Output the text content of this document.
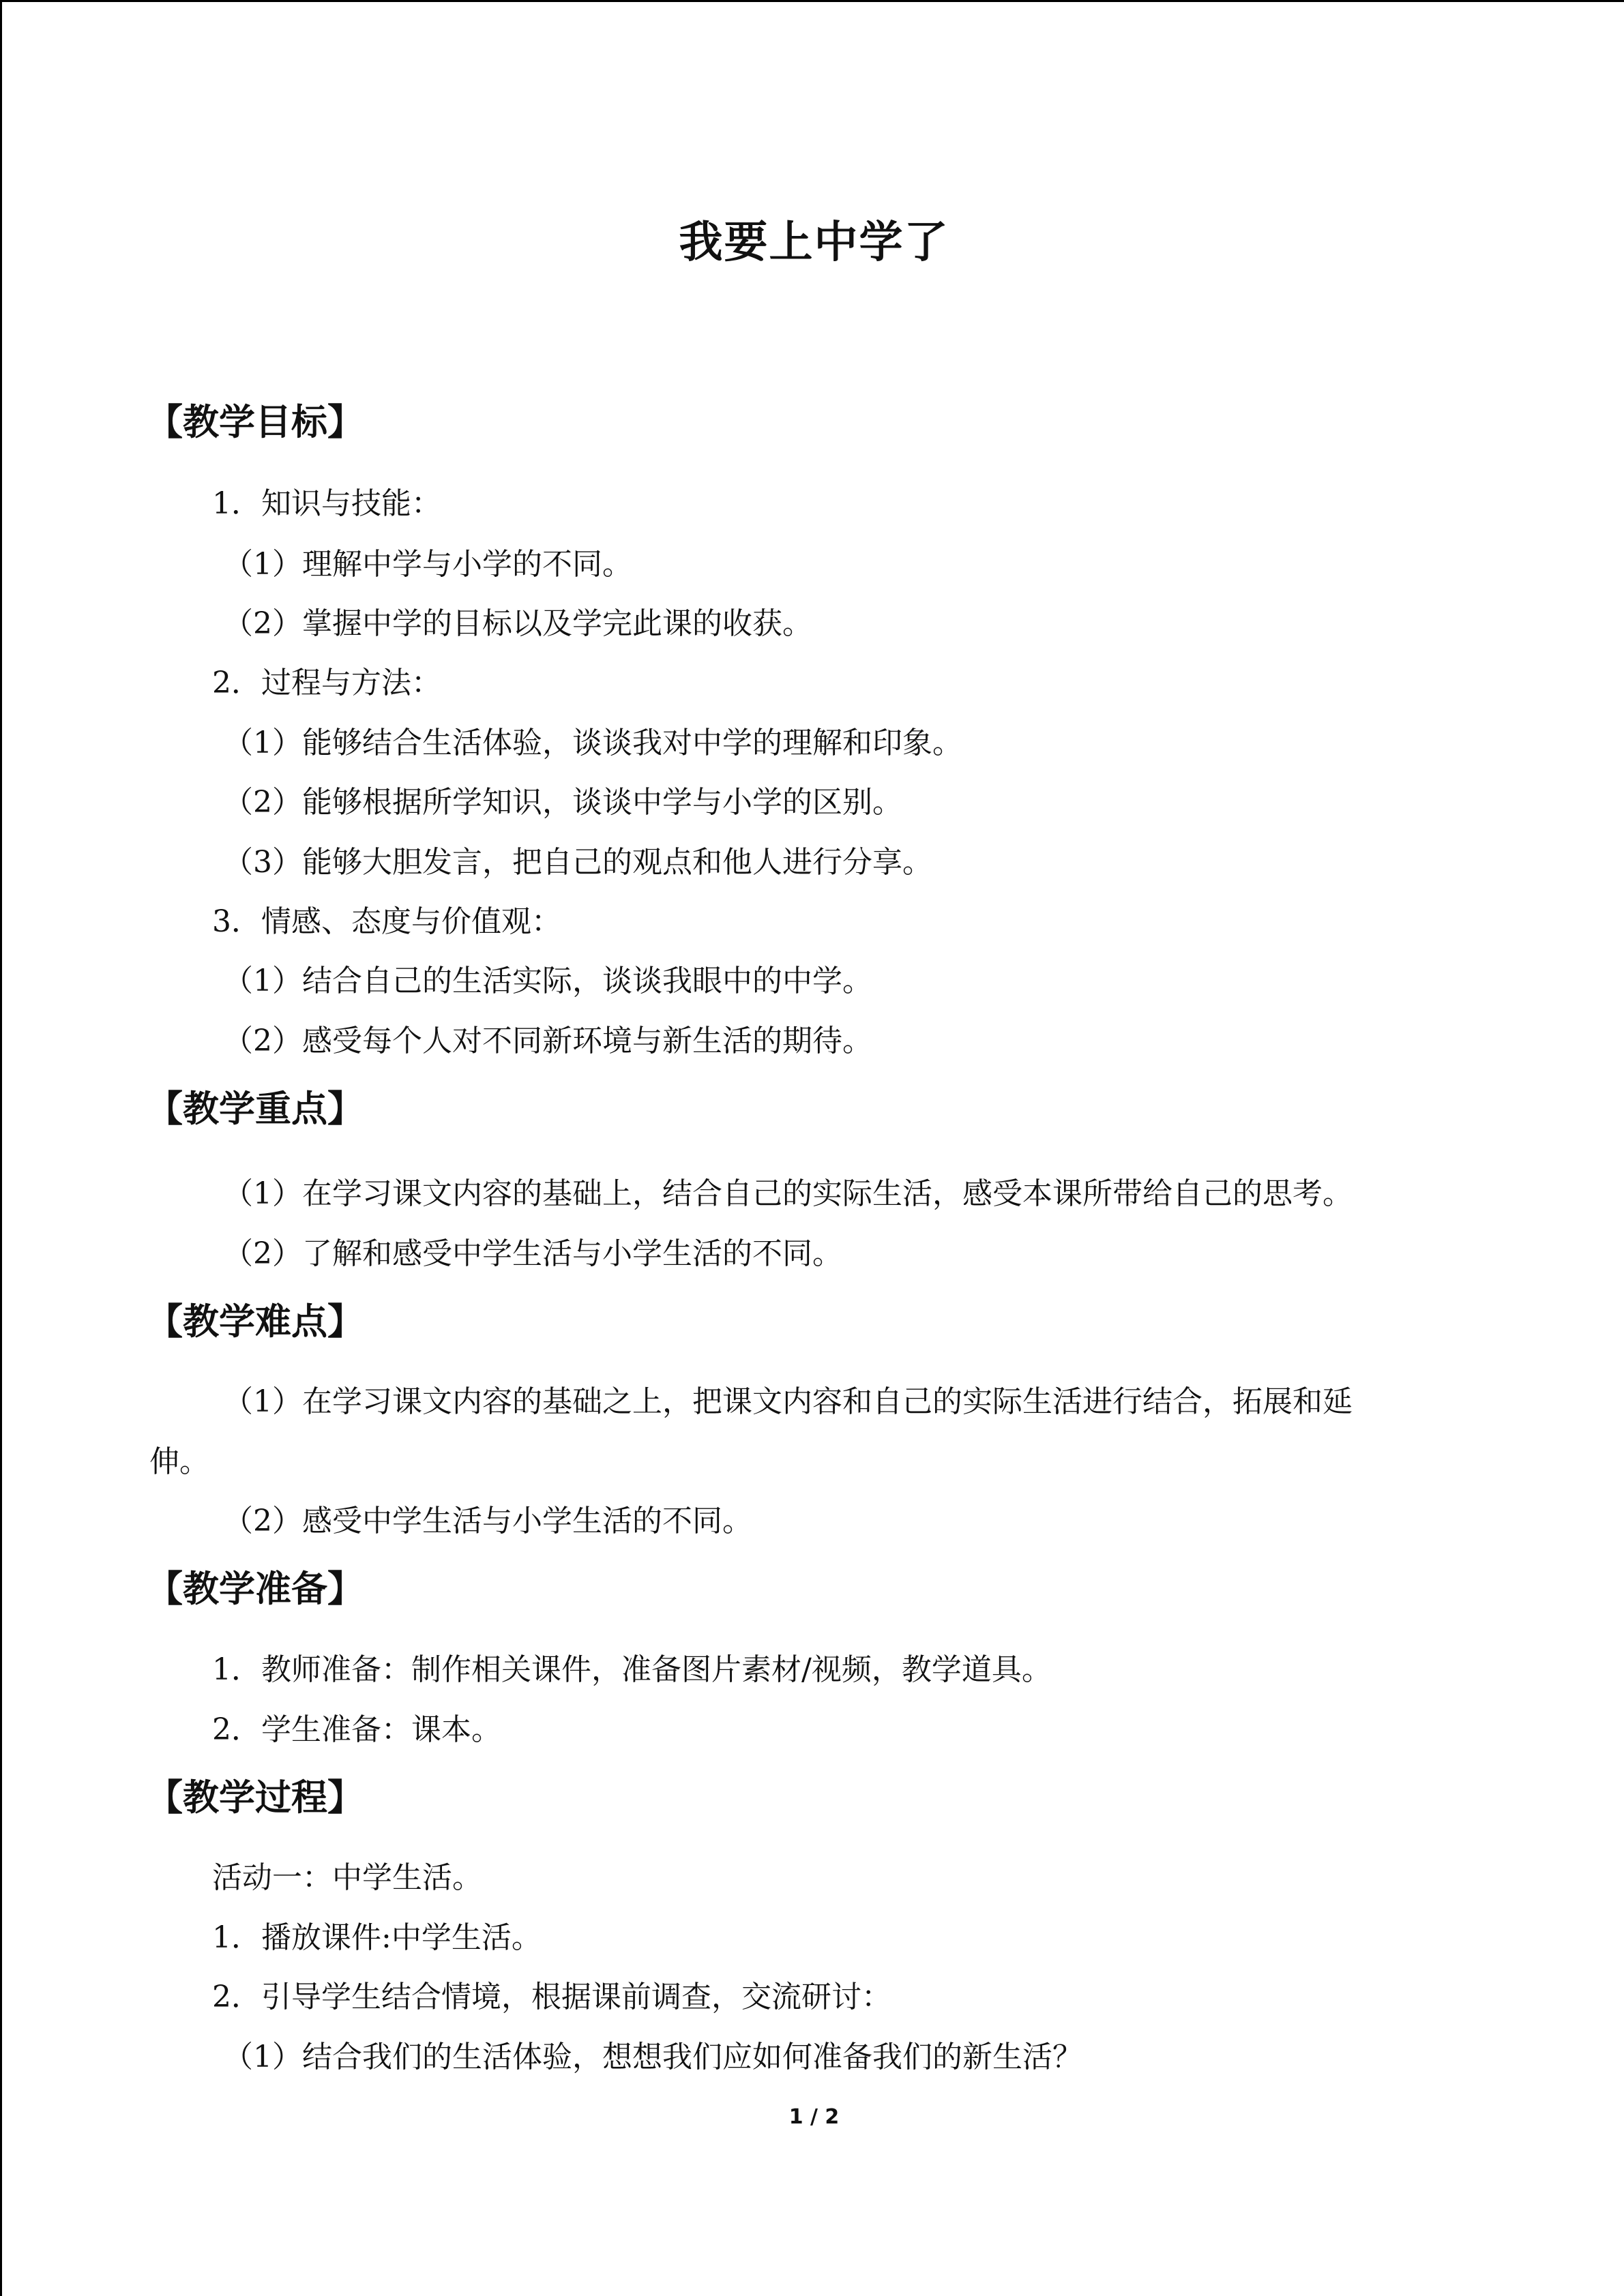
我要上中学了
【教学目标】
1．知识与技能：
（1）理解中学与小学的不同。
（2）掌握中学的目标以及学完此课的收获。
2．过程与方法：
（1）能够结合生活体验，谈谈我对中学的理解和印象。
（2）能够根据所学知识，谈谈中学与小学的区别。
（3）能够大胆发言，把自己的观点和他人进行分享。
3．情感、态度与价值观：
（1）结合自己的生活实际，谈谈我眼中的中学。
（2）感受每个人对不同新环境与新生活的期待。
【教学重点】
（1）在学习课文内容的基础上，结合自己的实际生活，感受本课所带给自己的思考。
（2）了解和感受中学生活与小学生活的不同。
【教学难点】
（1）在学习课文内容的基础之上，把课文内容和自己的实际生活进行结合，拓展和延
伸。
（2）感受中学生活与小学生活的不同。
【教学准备】
1．教师准备：制作相关课件，准备图片素材/视频，教学道具。
2．学生准备：课本。
【教学过程】
活动一：中学生活。
1．播放课件:中学生活。
2．引导学生结合情境，根据课前调查，交流研讨：
（1）结合我们的生活体验，想想我们应如何准备我们的新生活？
1 / 2
